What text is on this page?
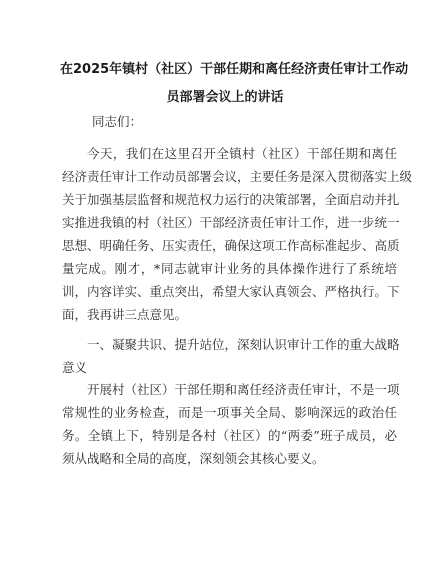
在2025年镇村（社区）干部任期和离任经济责任审计工作动
员部署会议上的讲话

同志们：

今天，我们在这里召开全镇村（社区）干部任期和离任
经济责任审计工作动员部署会议，主要任务是深入贯彻落实上级
关于加强基层监督和规范权力运行的决策部署，全面启动并扎
实推进我镇的村（社区）干部经济责任审计工作，进一步统一
思想、明确任务、压实责任，确保这项工作高标准起步、高质
量完成。刚才，*同志就审计业务的具体操作进行了系统培
训，内容详实、重点突出，希望大家认真领会、严格执行。下
面，我再讲三点意见。

一、凝聚共识、提升站位，深刻认识审计工作的重大战略
意义

开展村（社区）干部任期和离任经济责任审计，不是一项
常规性的业务检查，而是一项事关全局、影响深远的政治任
务。全镇上下，特别是各村（社区）的“两委”班子成员，必
须从战略和全局的高度，深刻领会其核心要义。
